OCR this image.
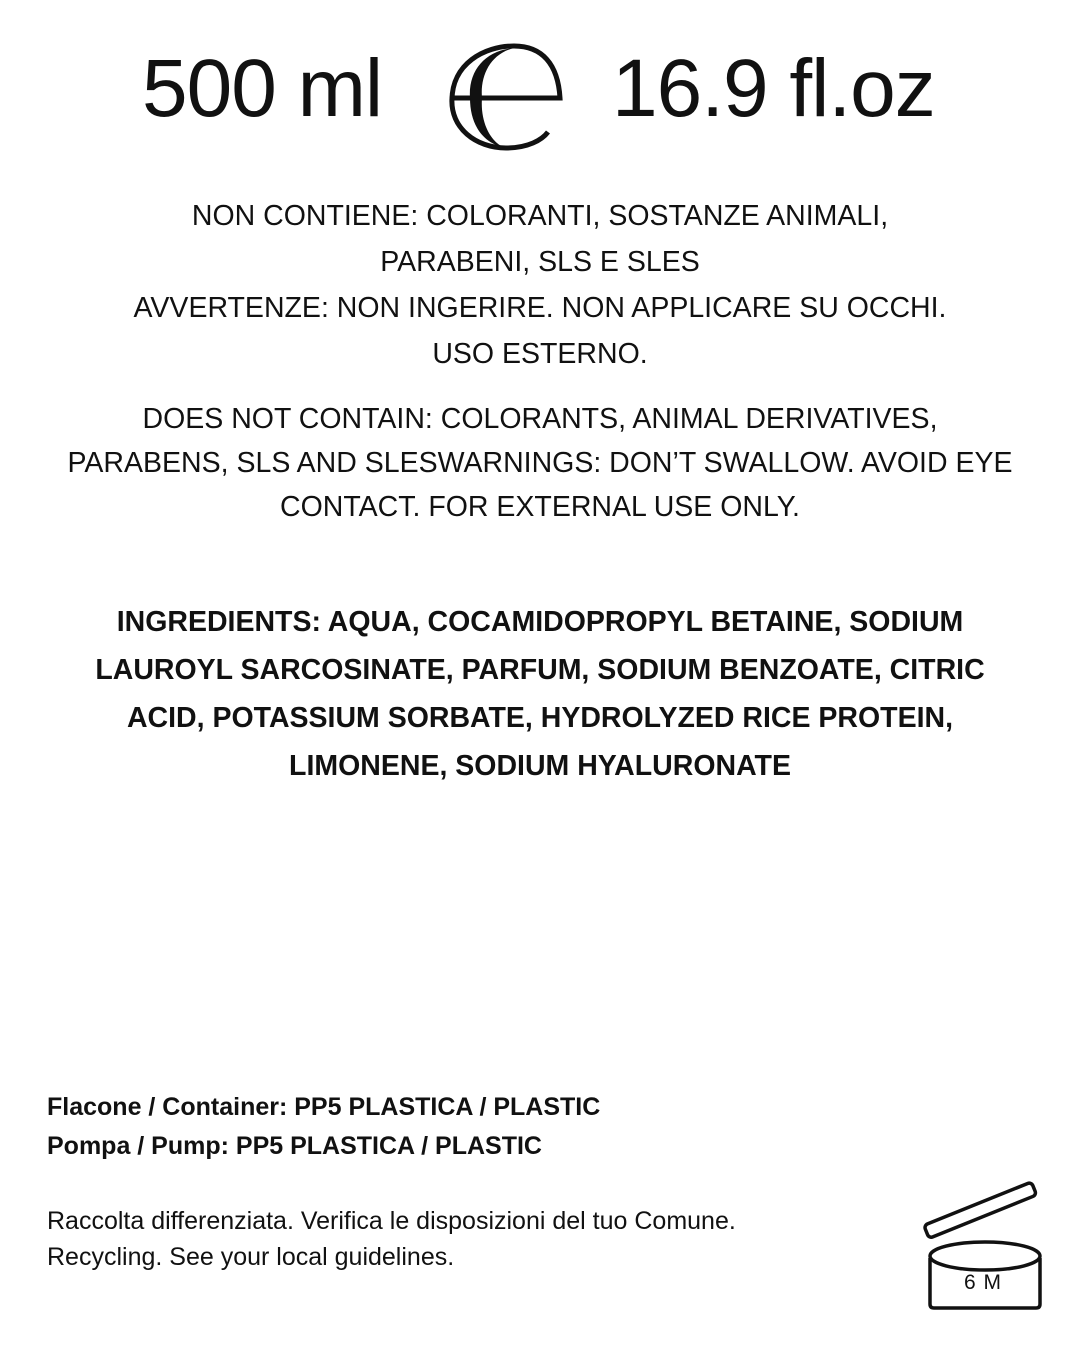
500 ml	16.9 fl.oz
NON CONTIENE: COLORANTI, SOSTANZE ANIMALI,
PARABENI, SLS E SLES
AVVERTENZE: NON INGERIRE. NON APPLICARE SU OCCHI.
USO ESTERNO.
DOES NOT CONTAIN: COLORANTS, ANIMAL DERIVATIVES,
PARABENS, SLS AND SLESWARNINGS: DON’T SWALLOW. AVOID EYE
CONTACT. FOR EXTERNAL USE ONLY.
INGREDIENTS: AQUA, COCAMIDOPROPYL BETAINE, SODIUM
LAUROYL SARCOSINATE, PARFUM, SODIUM BENZOATE, CITRIC
ACID, POTASSIUM SORBATE, HYDROLYZED RICE PROTEIN,
LIMONENE, SODIUM HYALURONATE
Flacone / Container: PP5 PLASTICA / PLASTIC
Pompa / Pump: PP5 PLASTICA / PLASTIC
Raccolta differenziata. Verifica le disposizioni del tuo Comune.
Recycling. See your local guidelines.
6 M
